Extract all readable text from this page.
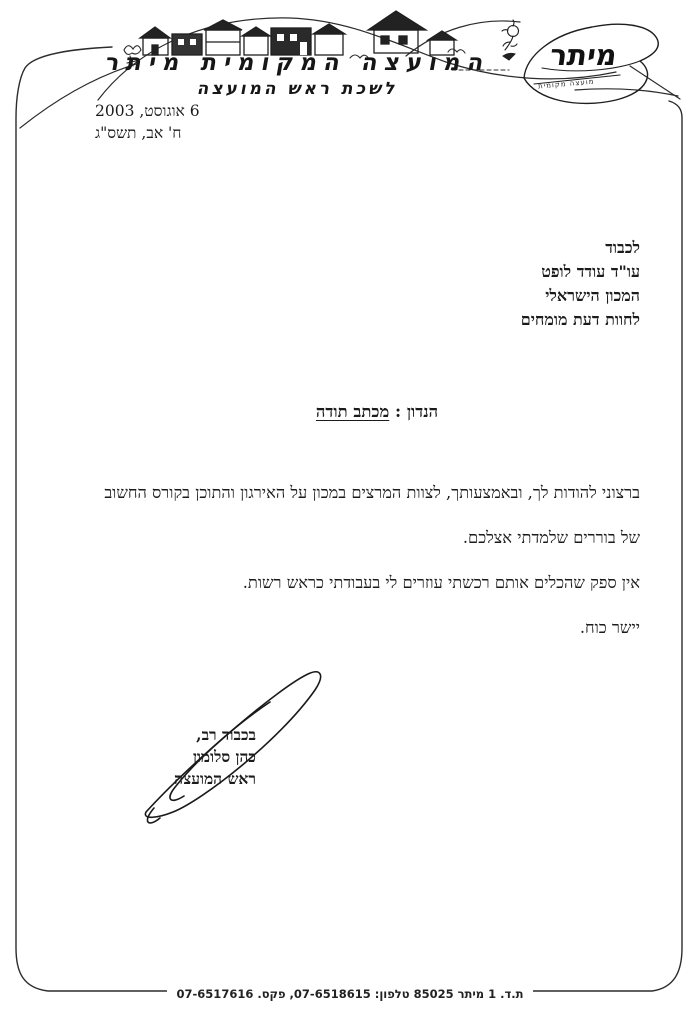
מיתר
מועצה מקומית
המועצה המקומית מיתר
לשכת ראש המועצה
6 אוגוסט, 2003
ח' אב, תשס"ג
לכבוד
עו"ד עודד לופט
המכון הישראלי
לחוות דעת מומחים
הנדון : מכתב תודה
ברצוני להודות לך, ובאמצעותך, לצוות המרצים במכון על האירגון והתוכן בקורס החשוב
של בוררים שלמדתי אצלכם.
אין ספק שהכלים אותם רכשתי עוזרים לי בעבודתי כראש רשות.
יישר כוח.
בכבוד רב,
כהן סלומון
ראש המועצה
ת.ד. 1 מיתר 85025 טלפון: 07-6518615, פקס. 07-6517616
